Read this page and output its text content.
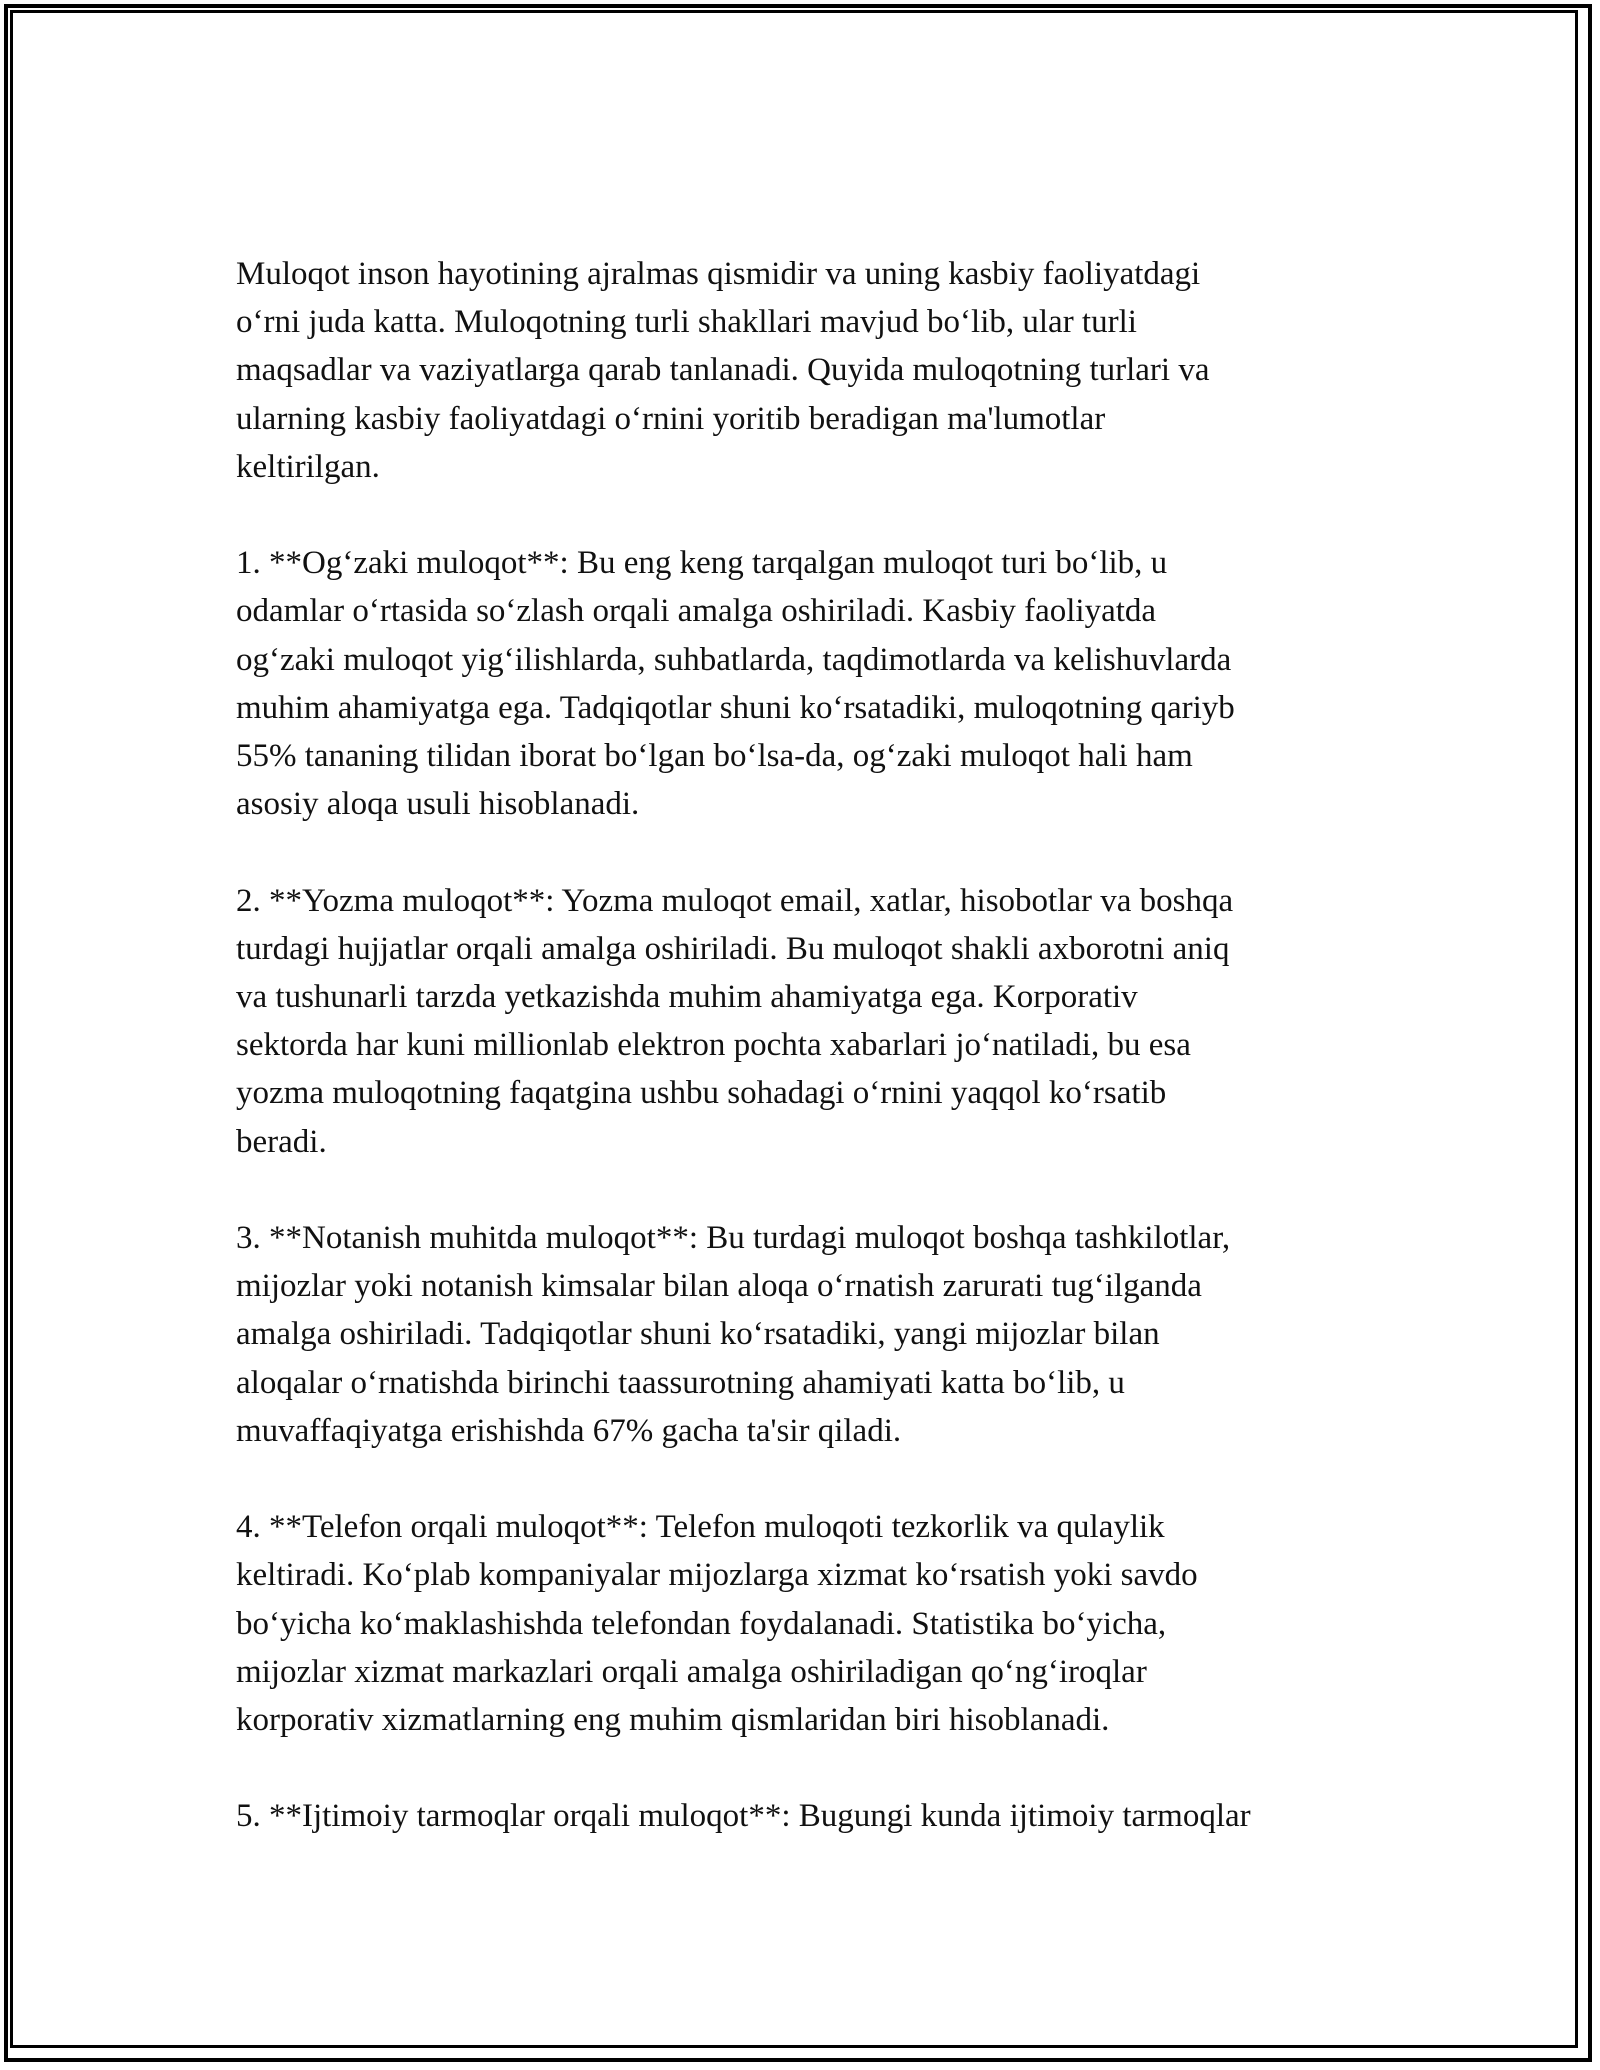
Muloqot inson hayotining ajralmas qismidir va uning kasbiy faoliyatdagi
o‘rni juda katta. Muloqotning turli shakllari mavjud bo‘lib, ular turli
maqsadlar va vaziyatlarga qarab tanlanadi. Quyida muloqotning turlari va
ularning kasbiy faoliyatdagi o‘rnini yoritib beradigan ma'lumotlar
keltirilgan.

1. **Og‘zaki muloqot**: Bu eng keng tarqalgan muloqot turi bo‘lib, u
odamlar o‘rtasida so‘zlash orqali amalga oshiriladi. Kasbiy faoliyatda
og‘zaki muloqot yig‘ilishlarda, suhbatlarda, taqdimotlarda va kelishuvlarda
muhim ahamiyatga ega. Tadqiqotlar shuni ko‘rsatadiki, muloqotning qariyb
55% tananing tilidan iborat bo‘lgan bo‘lsa-da, og‘zaki muloqot hali ham
asosiy aloqa usuli hisoblanadi.

2. **Yozma muloqot**: Yozma muloqot email, xatlar, hisobotlar va boshqa
turdagi hujjatlar orqali amalga oshiriladi. Bu muloqot shakli axborotni aniq
va tushunarli tarzda yetkazishda muhim ahamiyatga ega. Korporativ
sektorda har kuni millionlab elektron pochta xabarlari jo‘natiladi, bu esa
yozma muloqotning faqatgina ushbu sohadagi o‘rnini yaqqol ko‘rsatib
beradi.

3. **Notanish muhitda muloqot**: Bu turdagi muloqot boshqa tashkilotlar,
mijozlar yoki notanish kimsalar bilan aloqa o‘rnatish zarurati tug‘ilganda
amalga oshiriladi. Tadqiqotlar shuni ko‘rsatadiki, yangi mijozlar bilan
aloqalar o‘rnatishda birinchi taassurotning ahamiyati katta bo‘lib, u
muvaffaqiyatga erishishda 67% gacha ta'sir qiladi.

4. **Telefon orqali muloqot**: Telefon muloqoti tezkorlik va qulaylik
keltiradi. Ko‘plab kompaniyalar mijozlarga xizmat ko‘rsatish yoki savdo
bo‘yicha ko‘maklashishda telefondan foydalanadi. Statistika bo‘yicha,
mijozlar xizmat markazlari orqali amalga oshiriladigan qo‘ng‘iroqlar
korporativ xizmatlarning eng muhim qismlaridan biri hisoblanadi.

5. **Ijtimoiy tarmoqlar orqali muloqot**: Bugungi kunda ijtimoiy tarmoqlar
